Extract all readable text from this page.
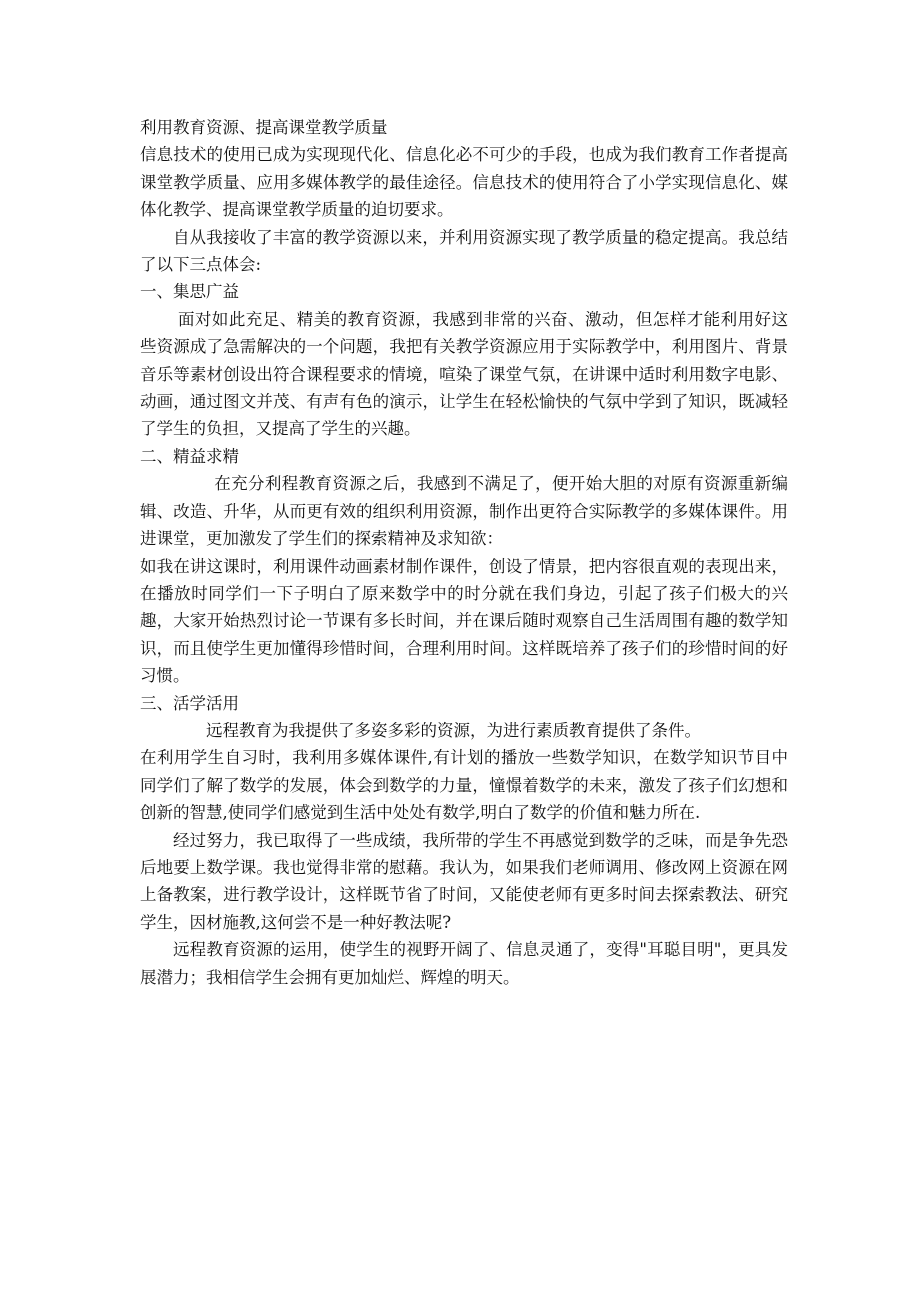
利用教育资源、提高课堂教学质量

信息技术的使用已成为实现现代化、信息化必不可少的手段，也成为我们教育工作者提高课堂教学质量、应用多媒体教学的最佳途径。信息技术的使用符合了小学实现信息化、媒体化教学、提高课堂教学质量的迫切要求。

自从我接收了丰富的教学资源以来，并利用资源实现了教学质量的稳定提高。我总结了以下三点体会:

一、集思广益

面对如此充足、精美的教育资源，我感到非常的兴奋、激动，但怎样才能利用好这些资源成了急需解决的一个问题，我把有关教学资源应用于实际教学中，利用图片、背景音乐等素材创设出符合课程要求的情境，喧染了课堂气氛，在讲课中适时利用数字电影、动画，通过图文并茂、有声有色的演示，让学生在轻松愉快的气氛中学到了知识，既减轻了学生的负担，又提高了学生的兴趣。

二、精益求精

在充分利程教育资源之后，我感到不满足了，便开始大胆的对原有资源重新编辑、改造、升华，从而更有效的组织利用资源，制作出更符合实际教学的多媒体课件。用进课堂，更加激发了学生们的探索精神及求知欲：

如我在讲这课时，利用课件动画素材制作课件，创设了情景，把内容很直观的表现出来，在播放时同学们一下子明白了原来数学中的时分就在我们身边，引起了孩子们极大的兴趣，大家开始热烈讨论一节课有多长时间，并在课后随时观察自己生活周围有趣的数学知识，而且使学生更加懂得珍惜时间，合理利用时间。这样既培养了孩子们的珍惜时间的好习惯。

三、活学活用

远程教育为我提供了多姿多彩的资源，为进行素质教育提供了条件。

在利用学生自习时，我利用多媒体课件,有计划的播放一些数学知识，在数学知识节目中同学们了解了数学的发展，体会到数学的力量，憧憬着数学的未来，激发了孩子们幻想和创新的智慧,使同学们感觉到生活中处处有数学,明白了数学的价值和魅力所在.

经过努力，我已取得了一些成绩，我所带的学生不再感觉到数学的乏味，而是争先恐后地要上数学课。我也觉得非常的慰藉。我认为，如果我们老师调用、修改网上资源在网上备教案，进行教学设计，这样既节省了时间，又能使老师有更多时间去探索教法、研究学生，因材施教,这何尝不是一种好教法呢?

远程教育资源的运用，使学生的视野开阔了、信息灵通了，变得"耳聪目明"，更具发展潜力；我相信学生会拥有更加灿烂、辉煌的明天。
